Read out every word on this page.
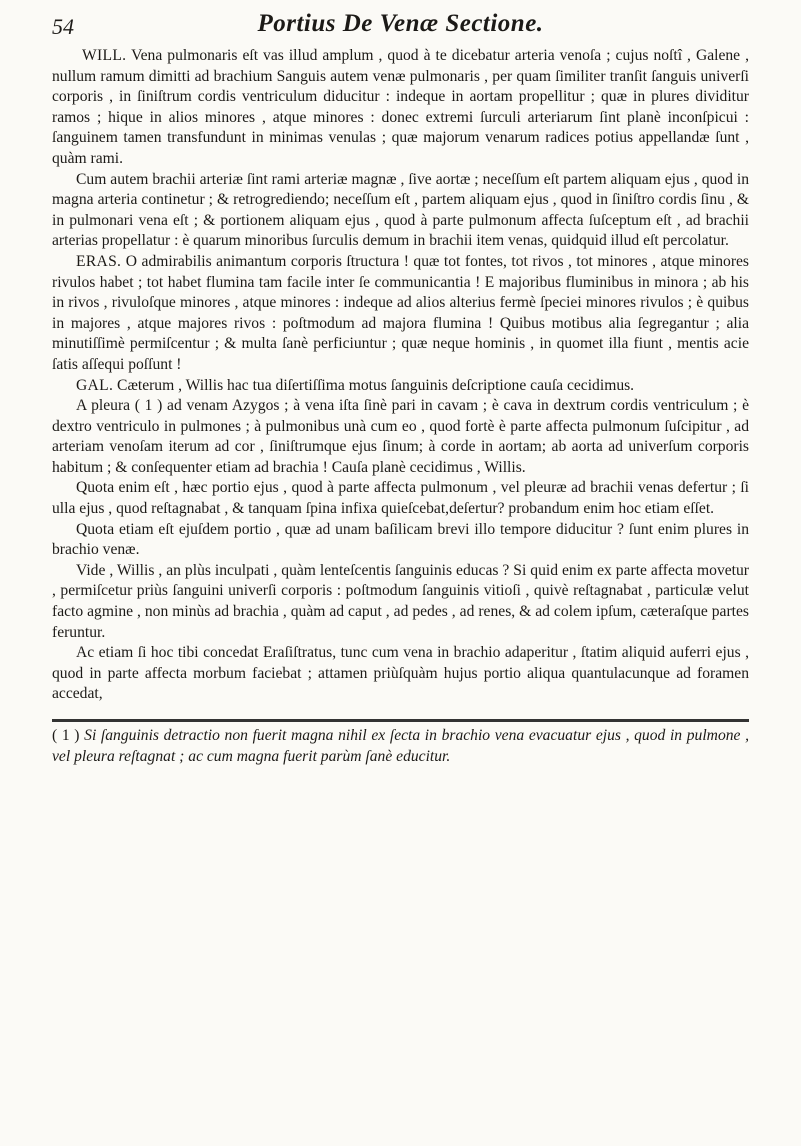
54	Portius De Venæ Sectione.

WILL. Vena pulmonaris eſt vas illud amplum , quod à te dicebatur arteria venoſa ; cujus noſtî , Galene , nullum ramum dimitti ad brachium Sanguis autem venæ pulmonaris , per quam ſimiliter tranſit ſanguis univerſi corporis , in ſiniſtrum cordis ventriculum diducitur : indeque in aortam propellitur ; quæ in plures dividitur ramos ; hique in alios minores , atque minores : donec extremi ſurculi arteriarum ſint planè inconſpicui : ſanguinem tamen transfundunt in minimas venulas ; quæ majorum venarum radices potius appellandæ ſunt , quàm rami.

Cum autem brachii arteriæ ſint rami arteriæ magnæ , ſive aortæ ; neceſſum eſt partem aliquam ejus , quod in magna arteria continetur ; & retrogrediendo; neceſſum eſt , partem aliquam ejus , quod in ſiniſtro cordis ſinu , & in pulmonari vena eſt ; & portionem aliquam ejus , quod à parte pulmonum affecta ſuſceptum eſt , ad brachii arterias propellatur : è quarum minoribus ſurculis demum in brachii item venas, quidquid illud eſt percolatur.

ERAS. O admirabilis animantum corporis ſtructura ! quæ tot fontes, tot rivos , tot minores , atque minores rivulos habet ; tot habet flumina tam facile inter ſe communicantia ! E majoribus fluminibus in minora ; ab his in rivos , rivuloſque minores , atque minores : indeque ad alios alterius fermè ſpeciei minores rivulos ; è quibus in majores , atque majores rivos : poſtmodum ad majora flumina ! Quibus motibus alia ſegregantur ; alia minutiſſimè permiſcentur ; & multa ſanè perficiuntur ; quæ neque hominis , in quomet illa fiunt , mentis acie ſatis aſſequi poſſunt !

GAL. Cæterum , Willis hac tua diſertiſſima motus ſanguinis deſcriptione cauſa cecidimus.

A pleura ( 1 ) ad venam Azygos ; à vena iſta ſinè pari in cavam ; è cava in dextrum cordis ventriculum ; è dextro ventriculo in pulmones ; à pulmonibus unà cum eo , quod fortè è parte affecta pulmonum ſuſcipitur , ad arteriam venoſam iterum ad cor , ſiniſtrumque ejus ſinum; à corde in aortam; ab aorta ad univerſum corporis habitum ; & conſequenter etiam ad brachia ! Cauſa planè cecidimus , Willis.

Quota enim eſt , hæc portio ejus , quod à parte affecta pulmonum , vel pleuræ ad brachii venas defertur ; ſi ulla ejus , quod reſtagnabat , & tanquam ſpina infixa quieſcebat,deſertur? probandum enim hoc etiam eſſet.

Quota etiam eſt ejuſdem portio , quæ ad unam baſilicam brevi illo tempore diducitur ? ſunt enim plures in brachio venæ.

Vide , Willis , an plùs inculpati , quàm lenteſcentis ſanguinis educas ? Si quid enim ex parte affecta movetur , permiſcetur priùs ſanguini univerſi corporis : poſtmodum ſanguinis vitioſi , quivè reſtagnabat , particulæ velut facto agmine , non minùs ad brachia , quàm ad caput , ad pedes , ad renes, & ad colem ipſum, cæteraſque partes feruntur.

Ac etiam ſi hoc tibi concedat Eraſiſtratus, tunc cum vena in brachio adaperitur , ſtatim aliquid auferri ejus , quod in parte affecta morbum faciebat ; attamen priùſquàm hujus portio aliqua quantulacunque ad foramen accedat,

( 1 ) Si ſanguinis detractio non fuerit magna nihil ex ſecta in brachio vena evacuatur ejus , quod in pulmone , vel pleura reſtagnat ; ac cum magna fuerit parùm ſanè educitur.
